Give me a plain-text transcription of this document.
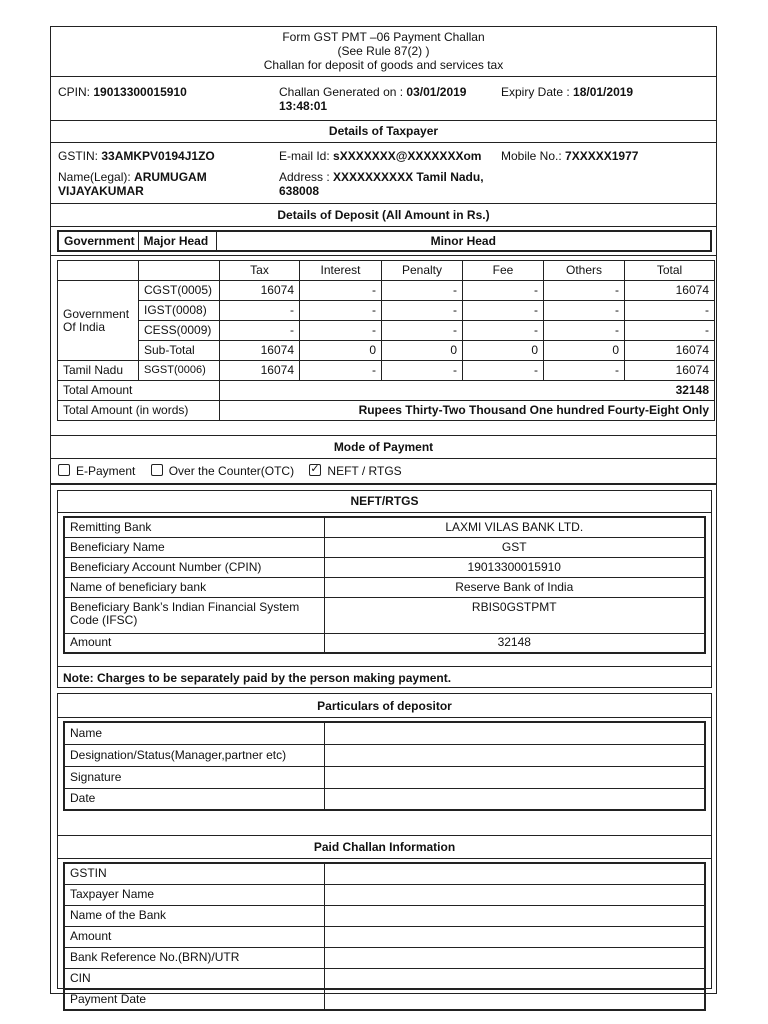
Form GST PMT –06 Payment Challan
(See Rule 87(2) )
Challan for deposit of goods and services tax
CPIN: 19013300015910	Challan Generated on : 03/01/2019
13:48:01
Expiry Date : 18/01/2019
Details of Taxpayer
GSTIN: 33AMKPV0194J1ZO	E-mail Id: sXXXXXXX@XXXXXXXom Mobile No.: 7XXXXX1977
Name(Legal): ARUMUGAM
VIJAYAKUMAR
Address : XXXXXXXXXX Tamil Nadu,
638008
Details of Deposit (All Amount in Rs.)
Government	Major Head	Minor Head
		Tax	Interest	Penalty	Fee	Others	Total
Government Of India	CGST(0005)	16074	-	-	-	-	16074
	IGST(0008)	-	-	-	-	-	-
	CESS(0009)	-	-	-	-	-	-
	Sub-Total	16074	0	0	0	0	16074
Tamil Nadu	SGST(0006)	16074	-	-	-	-	16074
Total Amount		32148					
Total Amount (in words)		Rupees Thirty-Two Thousand One hundred Fourty-Eight Only					
Mode of Payment
E-Payment	Over the Counter(OTC) ✓	NEFT / RTGS
NEFT/RTGS
Remitting Bank	LAXMI VILAS BANK LTD.
Beneficiary Name	GST
Beneficiary Account Number (CPIN)	19013300015910
Name of beneficiary bank	Reserve Bank of India
Beneficiary Bank’s Indian Financial System Code (IFSC)	RBIS0GSTPMT
Amount	32148
Note: Charges to be separately paid by the person making payment.
Particulars of depositor
Name	
Designation/Status(Manager,partner etc)	
Signature	
Date	
Paid Challan Information
GSTIN	
Taxpayer Name	
Name of the Bank	
Amount	
Bank Reference No.(BRN)/UTR	
CIN	
Payment Date	
